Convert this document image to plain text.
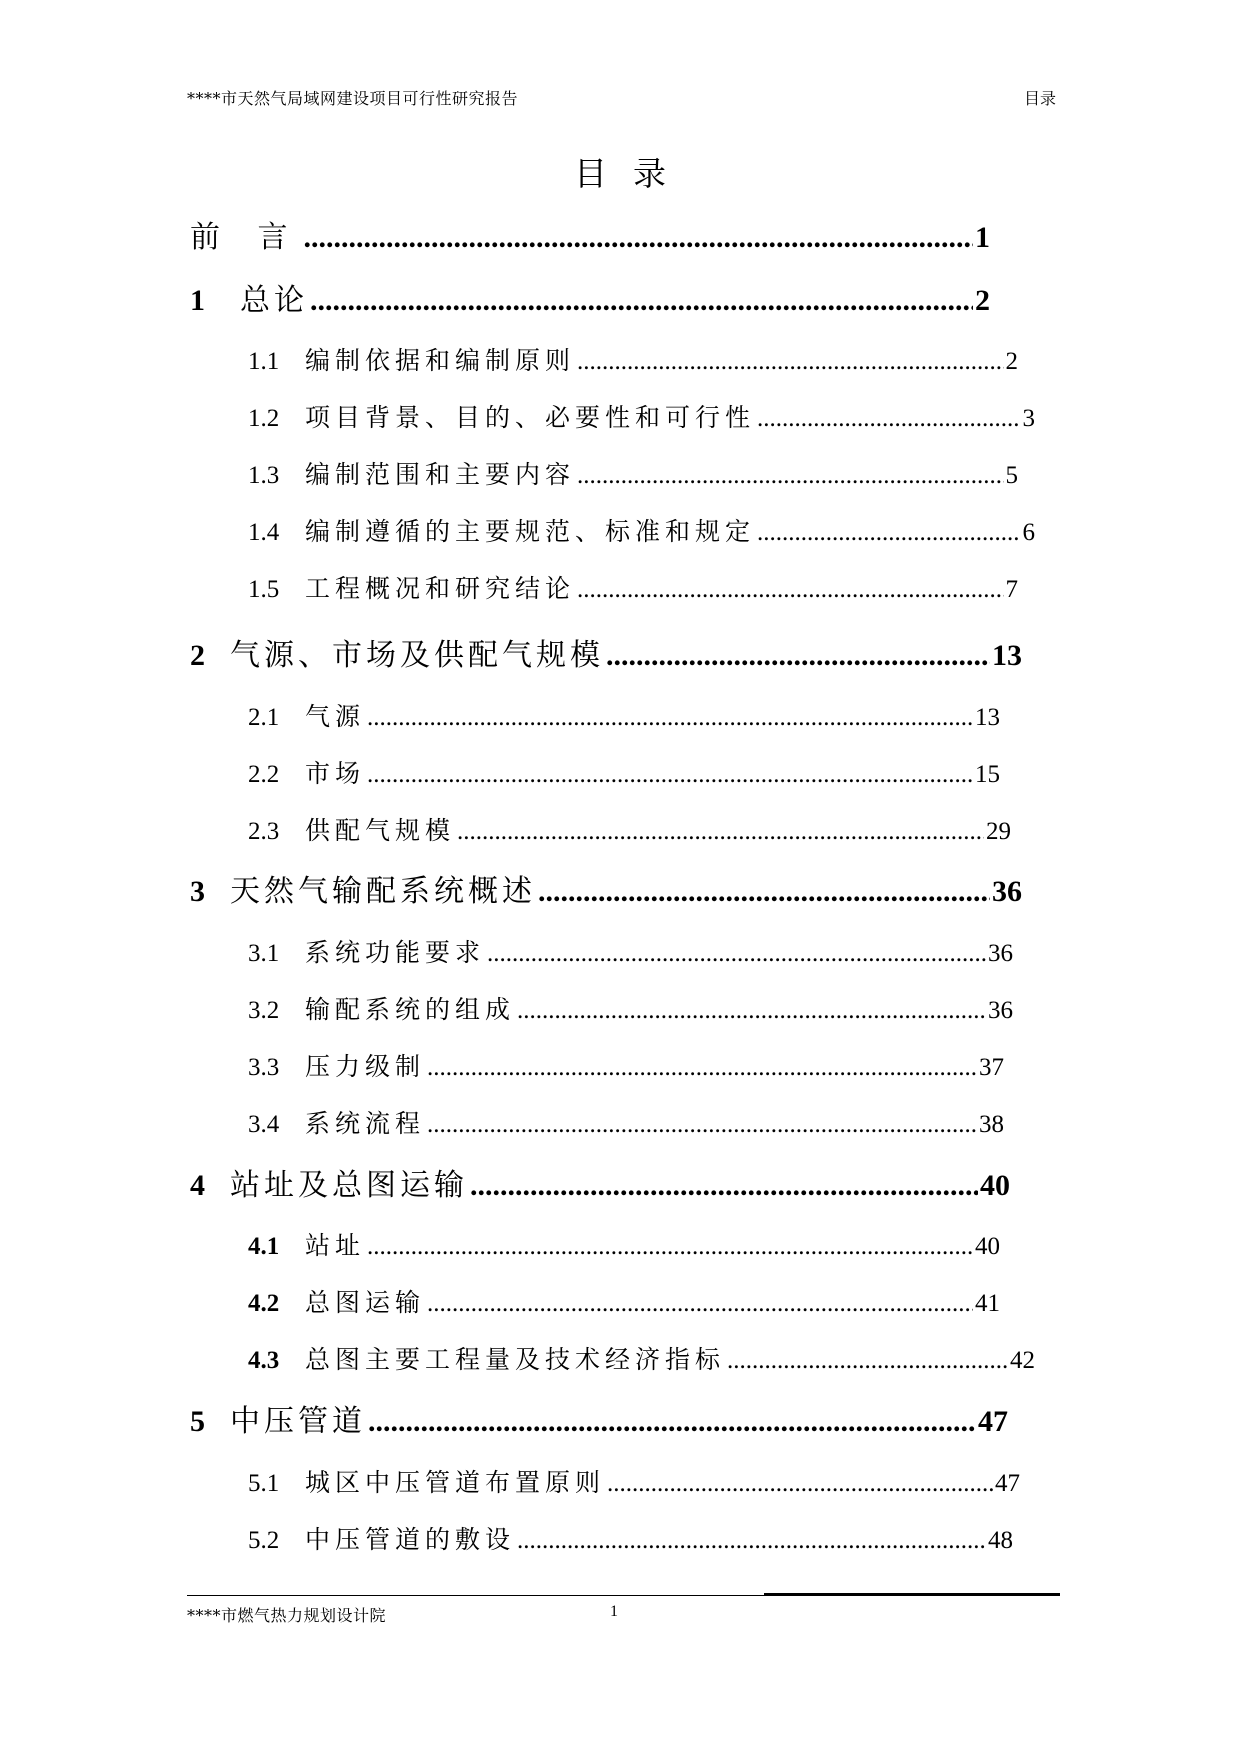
****市天然气局域网建设项目可行性研究报告	目录
目录
前 言 .....	1
1	总论 .....	2
1.1	编制依据和编制原则 .....	2
1.2	项目背景、目的、必要性和可行性 .....	3
1.3	编制范围和主要内容 .....	5
1.4	编制遵循的主要规范、标准和规定 .....	6
1.5	工程概况和研究结论 .....	7
2 气源、市场及供配气规模 .....	13
2.1	气源 .....	13
2.2	市场 .....	15
2.3	供配气规模 .....	29
3 天然气输配系统概述 .....	36
3.1	系统功能要求 .....	36
3.2	输配系统的组成 .....	36
3.3	压力级制 .....	37
3.4	系统流程 .....	38
4 站址及总图运输 .....	40
4.1	站址 .....	40
4.2	总图运输 .....	41
4.3	总图主要工程量及技术经济指标 .....	42
5 中压管道 .....	47
5.1	城区中压管道布置原则 .....	47
5.2	中压管道的敷设 .....	48
****市燃气热力规划设计院	1
